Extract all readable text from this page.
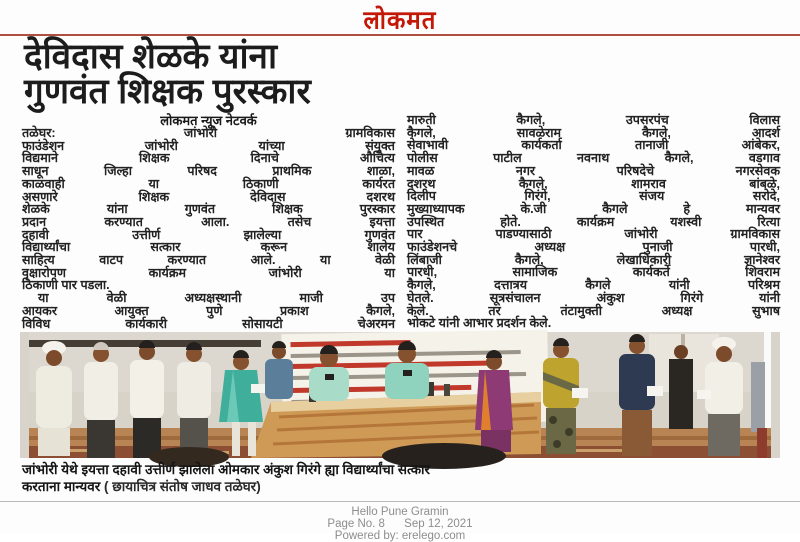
लोकमत
देविदास शेळके यांना
गुणवंत शिक्षक पुरस्कार
लोकमत न्यूज नेटवर्क
तळेघर: जांभोरी ग्रामविकास
फाउंडेशन जांभोरी यांच्या संयुक्त
विद्यमाने शिक्षक दिनाचे औचित्य
साधून जिल्हा परिषद प्राथमिक शाळा,
काळवाही या ठिकाणी कार्यरत
असणारे शिक्षक देविदास दशरथ
शेळके यांना गुणवंत शिक्षक पुरस्कार
प्रदान करण्यात आला. तसेच इयत्ता
दहावी उत्तीर्ण झालेल्या गुणवंत
विद्यार्थ्यांचा सत्कार करून शालेय
साहित्य वाटप करण्यात आले. या वेळी
वृक्षारोपण कार्यक्रम जांभोरी या
ठिकाणी पार पडला.
या वेळी अध्यक्षस्थानी माजी उप
आयकर आयुक्त पुणे प्रकाश कैगले,
विविध कार्यकारी सोसायटी चेअरमन
मारुती कैगले, उपसरपंच विलास
कैगले, सावळेराम कैगले, आदर्श
सेवाभावी कार्यकर्ता तानाजी आंबेकर,
पोलीस पाटील नवनाथ कैगले, वडगाव
मावळ नगर परिषदेचे नगरसेवक
दशरथ कैगले, शामराव बांबळे,
दिलीप गिरंगे, संजय सरोदे,
मुख्याध्यापक के.जी कैगले हे मान्यवर
उपस्थित होते. कार्यक्रम यशस्वी रित्या
पार पाडण्यासाठी जांभोरी ग्रामविकास
फाउंडेशनचे अध्यक्ष पुनाजी पारधी,
लिंबाजी कैगले, लेखाधिकारी ज्ञानेश्वर
पारधी, सामाजिक कार्यकर्ते शिवराम
कैगले, दत्तात्रय कैगले यांनी परिश्रम
घेतले. सूत्रसंचालन अंकुश गिरंगे यांनी
केले. तर तंटामुक्ती अध्यक्ष सुभाष
भोकटे यांनी आभार प्रदर्शन केले.
जांभोरी येथे इयत्ता दहावी उत्तीर्ण झालेला ओमकार अंकुश गिरंगे ह्या विद्यार्थ्यांचा सत्कार
करताना मान्यवर ( छायाचित्र संतोष जाधव तळेघर)
Hello Pune Gramin
Page No. 8 Sep 12, 2021
Powered by: erelego.com
